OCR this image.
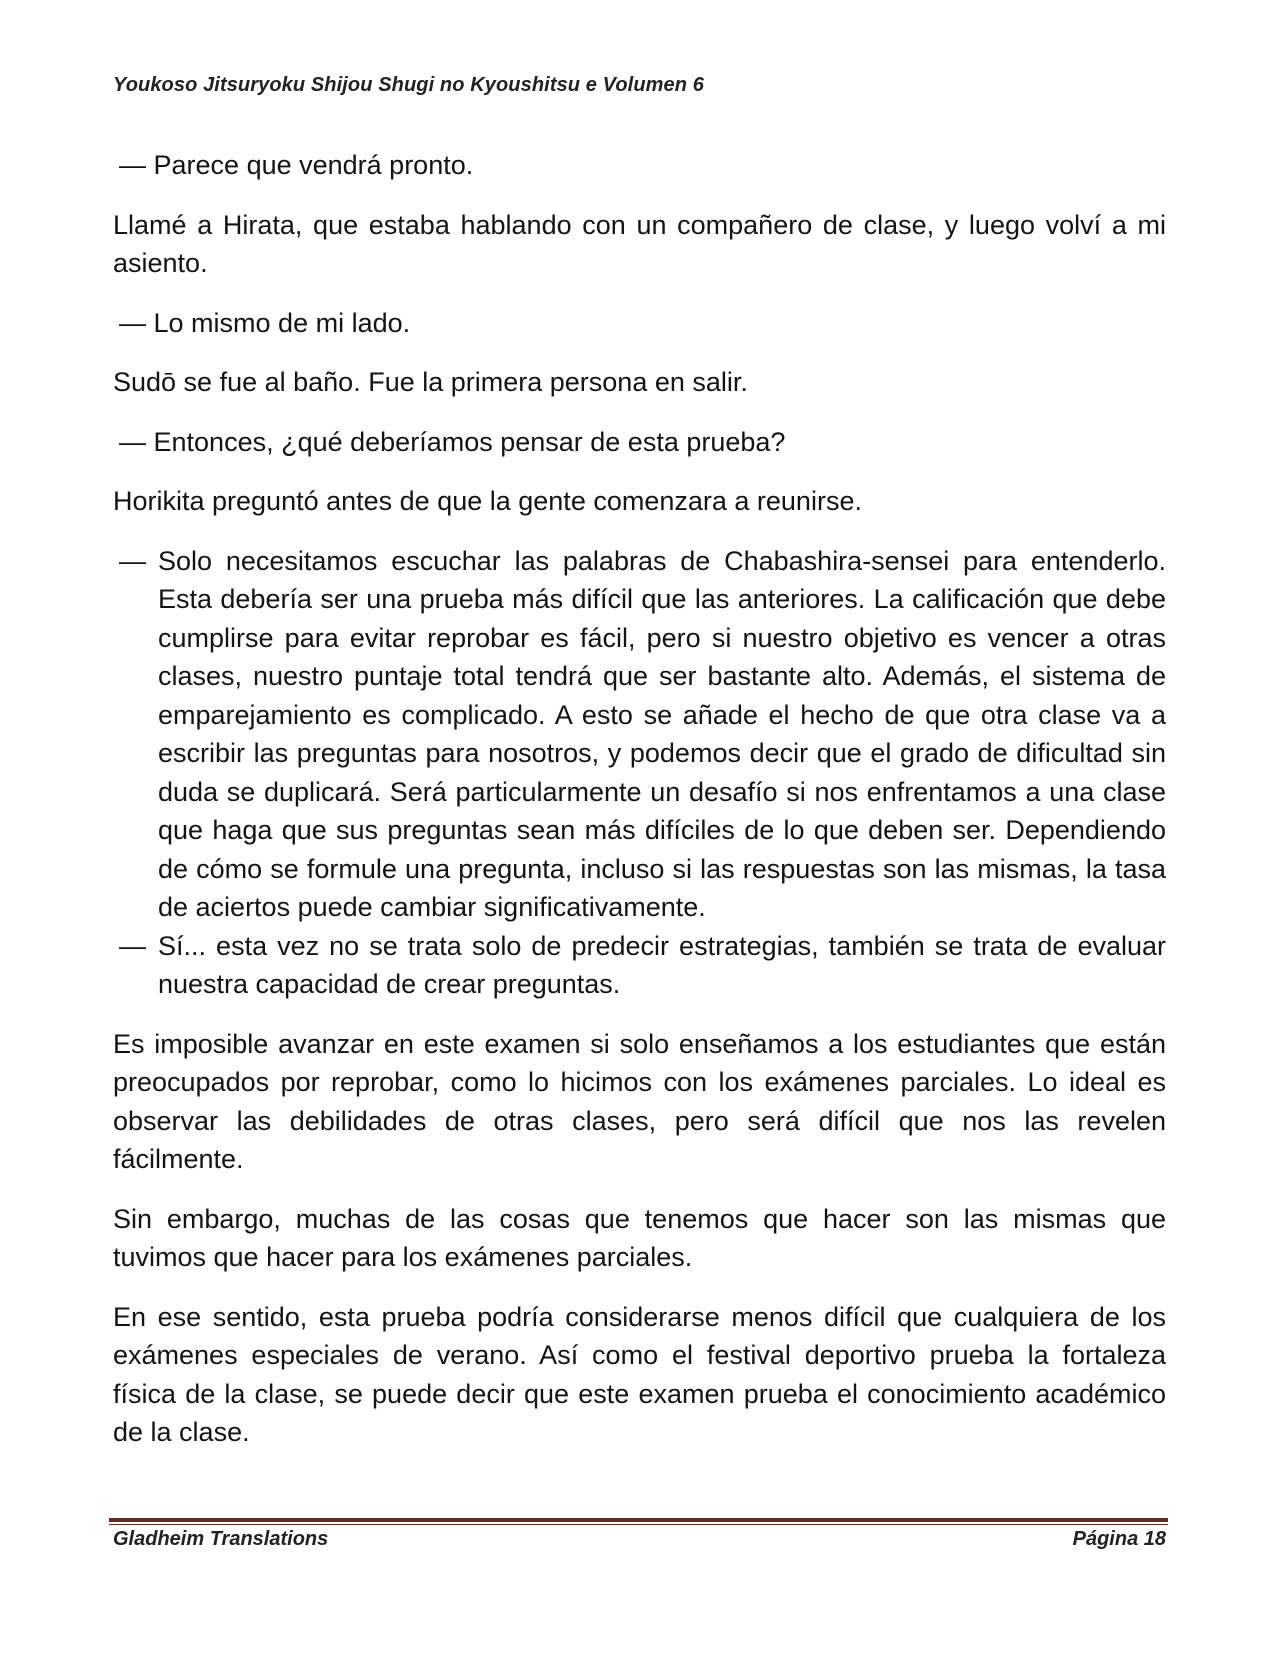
Youkoso Jitsuryoku Shijou Shugi no Kyoushitsu e Volumen 6
— Parece que vendrá pronto.
Llamé a Hirata, que estaba hablando con un compañero de clase, y luego volví a mi asiento.
— Lo mismo de mi lado.
Sudō se fue al baño. Fue la primera persona en salir.
— Entonces, ¿qué deberíamos pensar de esta prueba?
Horikita preguntó antes de que la gente comenzara a reunirse.
— Solo necesitamos escuchar las palabras de Chabashira-sensei para entenderlo. Esta debería ser una prueba más difícil que las anteriores. La calificación que debe cumplirse para evitar reprobar es fácil, pero si nuestro objetivo es vencer a otras clases, nuestro puntaje total tendrá que ser bastante alto. Además, el sistema de emparejamiento es complicado. A esto se añade el hecho de que otra clase va a escribir las preguntas para nosotros, y podemos decir que el grado de dificultad sin duda se duplicará. Será particularmente un desafío si nos enfrentamos a una clase que haga que sus preguntas sean más difíciles de lo que deben ser. Dependiendo de cómo se formule una pregunta, incluso si las respuestas son las mismas, la tasa de aciertos puede cambiar significativamente.
— Sí... esta vez no se trata solo de predecir estrategias, también se trata de evaluar nuestra capacidad de crear preguntas.
Es imposible avanzar en este examen si solo enseñamos a los estudiantes que están preocupados por reprobar, como lo hicimos con los exámenes parciales. Lo ideal es observar las debilidades de otras clases, pero será difícil que nos las revelen fácilmente.
Sin embargo, muchas de las cosas que tenemos que hacer son las mismas que tuvimos que hacer para los exámenes parciales.
En ese sentido, esta prueba podría considerarse menos difícil que cualquiera de los exámenes especiales de verano. Así como el festival deportivo prueba la fortaleza física de la clase, se puede decir que este examen prueba el conocimiento académico de la clase.
Gladheim Translations	Página 18
